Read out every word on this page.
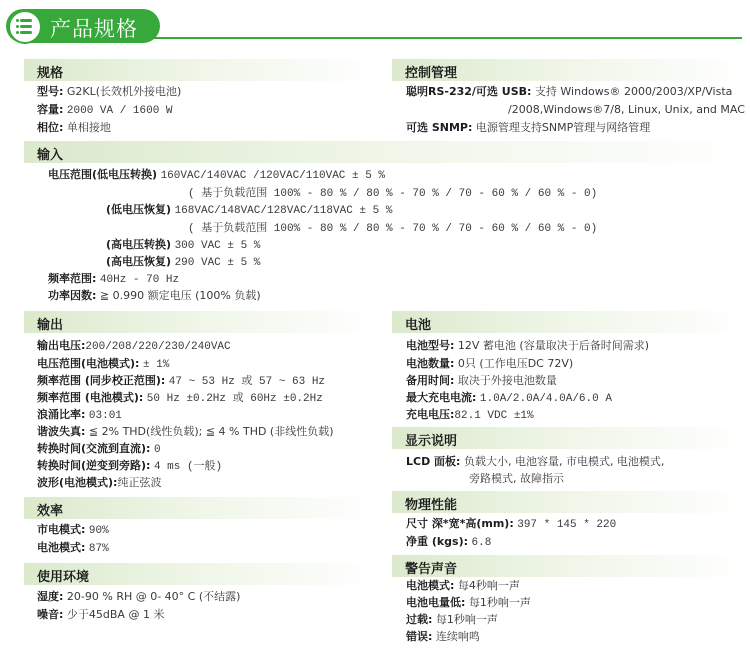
产品规格
规格
型号: G2KL(长效机外接电池)
容量: 2000 VA / 1600 W
相位: 单相接地
控制管理
聪明RS-232/可选 USB: 支持 Windows® 2000/2003/XP/Vista
/2008,Windows®7/8, Linux, Unix, and MAC
可选 SNMP: 电源管理支持SNMP管理与网络管理
输入
电压范围(低电压转换) 160VAC/140VAC /120VAC/110VAC ± 5 %
( 基于负载范围 100% - 80 % / 80 % - 70 % / 70 - 60 % / 60 % - 0)
(低电压恢复) 168VAC/148VAC/128VAC/118VAC ± 5 %
( 基于负载范围 100% - 80 % / 80 % - 70 % / 70 - 60 % / 60 % - 0)
(高电压转换) 300 VAC ± 5 %
(高电压恢复) 290 VAC ± 5 %
频率范围: 40Hz - 70 Hz
功率因数: ≧ 0.990 额定电压 (100% 负载)
输出
输出电压:200/208/220/230/240VAC
电压范围(电池模式): ± 1%
频率范围 (同步校正范围): 47 ~ 53 Hz 或 57 ~ 63 Hz
频率范围 (电池模式): 50 Hz ±0.2Hz 或 60Hz ±0.2Hz
浪涌比率: 03:01
谐波失真: ≦ 2% THD(线性负载); ≦ 4 % THD (非线性负载)
转换时间(交流到直流): 0
转换时间(逆变到旁路): 4 ms (一般)
波形(电池模式):纯正弦波
电池
电池型号: 12V 蓄电池 (容量取决于后备时间需求)
电池数量: 0只 (工作电压DC 72V)
备用时间: 取决于外接电池数量
最大充电电流: 1.0A/2.0A/4.0A/6.0 A
充电电压:82.1 VDC ±1%
显示说明
LCD 面板: 负载大小, 电池容量, 市电模式, 电池模式,
旁路模式, 故障指示
效率
市电模式: 90%
电池模式: 87%
物理性能
尺寸 深*宽*高(mm): 397 * 145 * 220
净重 (kgs): 6.8
使用环境
湿度: 20-90 % RH @ 0- 40° C (不结露)
噪音: 少于45dBA @ 1 米
警告声音
电池模式: 每4秒响一声
电池电量低: 每1秒响一声
过载: 每1秒响一声
错误: 连续响鸣
